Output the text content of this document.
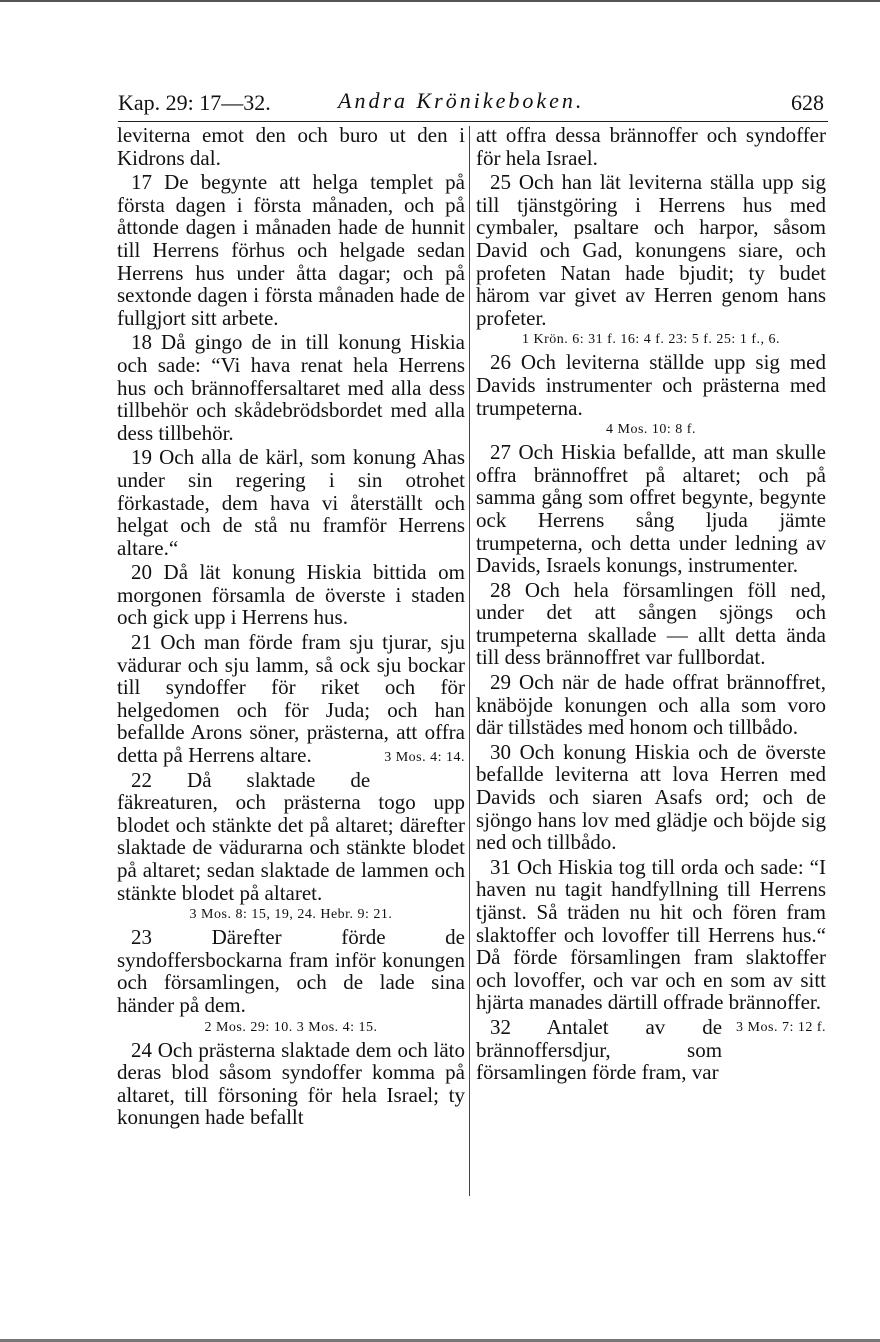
Kap. 29: 17—32.	Andra Krönikeboken.	628

leviterna emot den och buro ut den i Kidrons dal.

17 De begynte att helga templet på första dagen i första månaden, och på åttonde dagen i månaden hade de hunnit till Herrens förhus och helgade sedan Herrens hus under åtta dagar; och på sextonde dagen i första månaden hade de fullgjort sitt arbete.

18 Då gingo de in till konung Hiskia och sade: “Vi hava renat hela Herrens hus och brännoffersaltaret med alla dess tillbehör och skådebrödsbordet med alla dess tillbehör.

19 Och alla de kärl, som konung Ahas under sin regering i sin otrohet förkastade, dem hava vi återställt och helgat och de stå nu framför Herrens altare.“

20 Då lät konung Hiskia bittida om morgonen församla de överste i staden och gick upp i Herrens hus.

21 Och man förde fram sju tjurar, sju vädurar och sju lamm, så ock sju bockar till syndoffer för riket och för helgedomen och för Juda; och han befallde Arons söner, prästerna, att offra detta på Herrens altare.	3 Mos. 4: 14.

22 Då slaktade de fäkreaturen, och prästerna togo upp blodet och stänkte det på altaret; därefter slaktade de vädurarna och stänkte blodet på altaret; sedan slaktade de lammen och stänkte blodet på altaret.

3 Mos. 8: 15, 19, 24. Hebr. 9: 21.

23 Därefter förde de syndoffersbockarna fram inför konungen och församlingen, och de lade sina händer på dem.

2 Mos. 29: 10. 3 Mos. 4: 15.

24 Och prästerna slaktade dem och läto deras blod såsom syndoffer komma på altaret, till försoning för hela Israel; ty konungen hade befallt

att offra dessa brännoffer och syndoffer för hela Israel.

25 Och han lät leviterna ställa upp sig till tjänstgöring i Herrens hus med cymbaler, psaltare och harpor, såsom David och Gad, konungens siare, och profeten Natan hade bjudit; ty budet härom var givet av Herren genom hans profeter.

1 Krön. 6: 31 f. 16: 4 f. 23: 5 f. 25: 1 f., 6.

26 Och leviterna ställde upp sig med Davids instrumenter och prästerna med trumpeterna.

4 Mos. 10: 8 f.

27 Och Hiskia befallde, att man skulle offra brännoffret på altaret; och på samma gång som offret begynte, begynte ock Herrens sång ljuda jämte trumpeterna, och detta under ledning av Davids, Israels konungs, instrumenter.

28 Och hela församlingen föll ned, under det att sången sjöngs och trumpeterna skallade — allt detta ända till dess brännoffret var fullbordat.

29 Och när de hade offrat brännoffret, knäböjde konungen och alla som voro där tillstädes med honom och tillbådo.

30 Och konung Hiskia och de överste befallde leviterna att lova Herren med Davids och siaren Asafs ord; och de sjöngo hans lov med glädje och böjde sig ned och tillbådo.

31 Och Hiskia tog till orda och sade: “I haven nu tagit handfyllning till Herrens tjänst. Så träden nu hit och fören fram slaktoffer och lovoffer till Herrens hus.“ Då förde församlingen fram slaktoffer och lovoffer, och var och en som av sitt hjärta manades därtill offrade brännoffer.
3 Mos. 7: 12 f.

32 Antalet av de brännoffersdjur, som församlingen förde fram, var
